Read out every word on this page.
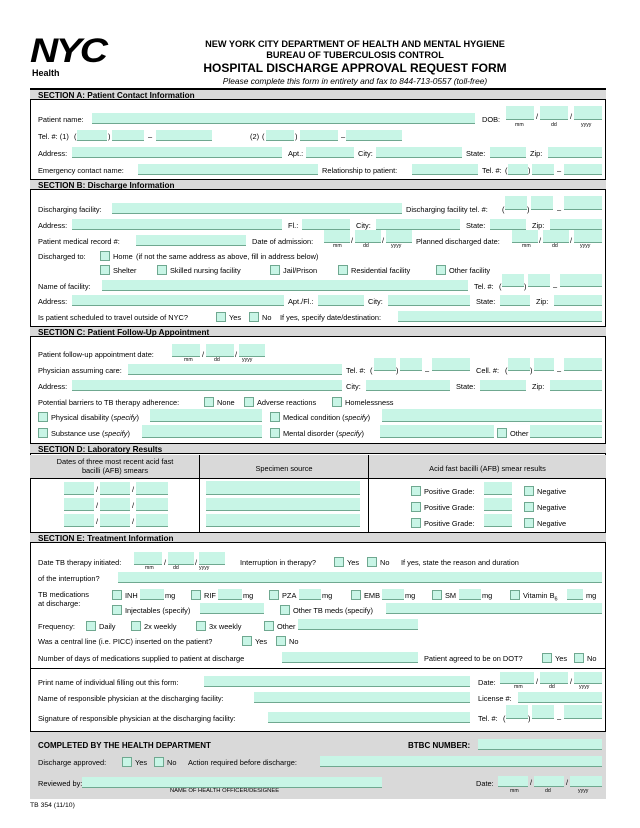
NYC
Health
NEW YORK CITY DEPARTMENT OF HEALTH AND MENTAL HYGIENE
BUREAU OF TUBERCULOSIS CONTROL
HOSPITAL DISCHARGE APPROVAL REQUEST FORM
Please complete this form in entirety and fax to 844-713-0557 (toll-free)
SECTION A: Patient Contact Information
Patient name:	DOB:	/	/
mm	dd	yyyy
Tel. #: (1) (	)	–	(2) (	)	–
Address:	Apt.:	City:	State:	Zip:
Emergency contact name:	Relationship to patient:	Tel. #: (	)	–
SECTION B: Discharge Information
Discharging facility:	Discharging facility tel. #: (	)	–
Address:	Fl.:	City:	State:	Zip:
Patient medical record #:	Date of admission:	/	/
mm	dd	yyyy Planned discharged date:	/	/
mm	dd	yyyy
Discharged to:	Home (if not the same address as above, fill in address below)
Shelter	Skilled nursing facility	Jail/Prison	Residential facility	Other facility
Name of facility:	Tel. #: (	)	–
Address:	Apt./Fl.:	City:	State:	Zip:
Is patient scheduled to travel outside of NYC?	Yes	No If yes, specify date/destination:
SECTION C: Patient Follow-Up Appointment
Patient follow-up appointment date:	/	/
mm	dd	yyyy
Physician assuming care:	Tel. #: (	)	–	Cell. #: (	)	–
Address:	City:	State:	Zip:
Potential barriers to TB therapy adherence:	None	Adverse reactions	Homelessness
Physical disability (specify)	Medical condition (specify)
Substance use (specify)	Mental disorder (specify)	Other
SECTION D: Laboratory Results
Dates of three most recent acid fast bacilli (AFB) smears	Specimen source	Acid fast bacilli (AFB) smear results
/	/	Positive Grade:	Negative
/	/	Positive Grade:	Negative
/	/	Positive Grade:	Negative
SECTION E: Treatment Information
Date TB therapy initiated:	/	/
mm	dd	yyyy
Interruption in therapy?	Yes	No If yes, state the reason and duration
of the interruption?
TB medications
at discharge:
INH	mg	RIF	mg	PZA	mg	EMB	mg	SM	mg	Vitamin $B_6$	mg
Injectables (specify)	Other TB meds (specify)
Frequency:	Daily	2x weekly	3x weekly	Other
Was a central line (i.e. PICC) inserted on the patient?	Yes	No
Number of days of medications supplied to patient at discharge	Patient agreed to be on DOT?	Yes	No
Print name of individual filling out this form:	Date:	/	/
mm	dd	yyyy
Name of responsible physician at the discharging facility:	License #:
Signature of responsible physician at the discharging facility:	Tel. #: (	)	–
COMPLETED BY THE HEALTH DEPARTMENT	BTBC NUMBER:
Discharge approved:	Yes	No Action required before discharge:
Reviewed by:
NAME OF HEALTH OFFICER/DESIGNEE
Date:	/	/
mm	dd	yyyy
TB 354 (11/10)
